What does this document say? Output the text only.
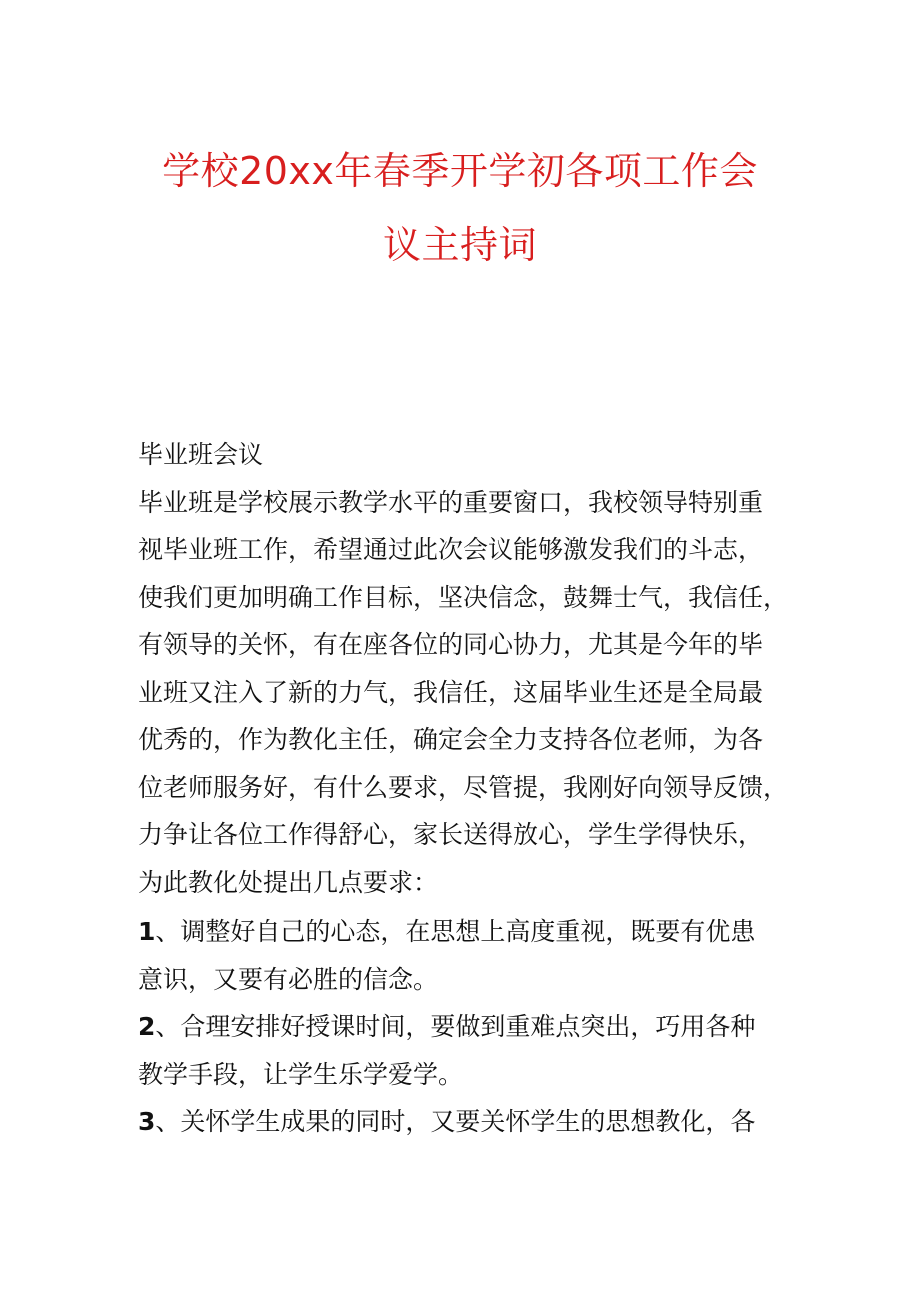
学校20xx年春季开学初各项工作会
议主持词
毕业班会议
毕业班是学校展示教学水平的重要窗口，我校领导特别重
视毕业班工作，希望通过此次会议能够激发我们的斗志，
使我们更加明确工作目标，坚决信念，鼓舞士气，我信任，
有领导的关怀，有在座各位的同心协力，尤其是今年的毕
业班又注入了新的力气，我信任，这届毕业生还是全局最
优秀的，作为教化主任，确定会全力支持各位老师，为各
位老师服务好，有什么要求，尽管提，我刚好向领导反馈，
力争让各位工作得舒心，家长送得放心，学生学得快乐，
为此教化处提出几点要求：
1、调整好自己的心态，在思想上高度重视，既要有优患
意识，又要有必胜的信念。
2、合理安排好授课时间，要做到重难点突出，巧用各种
教学手段，让学生乐学爱学。
3、关怀学生成果的同时，又要关怀学生的思想教化，各
